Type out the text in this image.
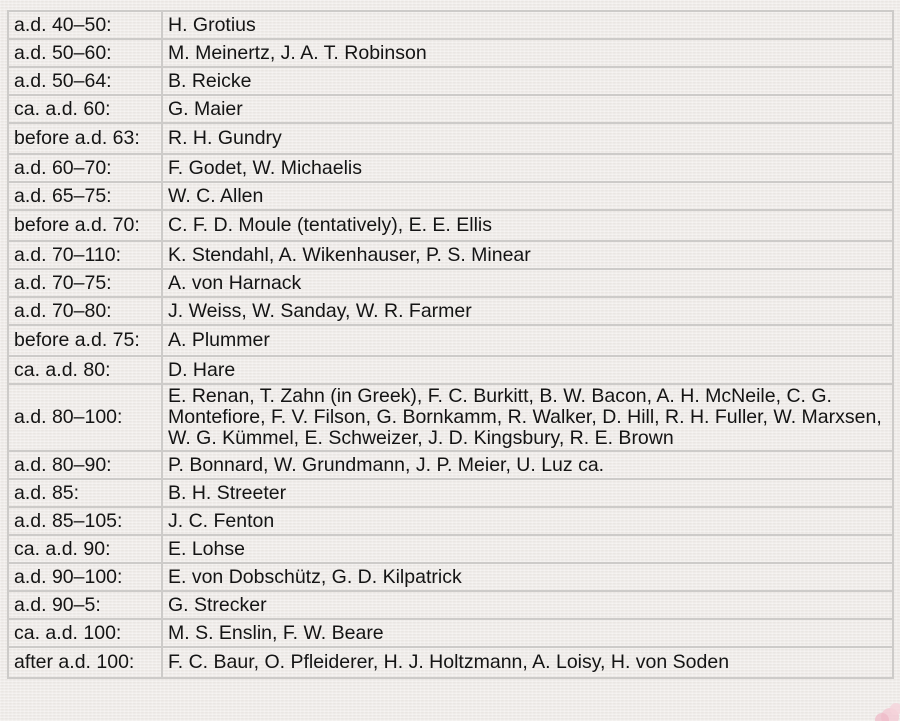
a.d. 40–50:	H. Grotius
a.d. 50–60:	M. Meinertz, J. A. T. Robinson
a.d. 50–64:	B. Reicke
ca. a.d. 60:	G. Maier
before a.d. 63:	R. H. Gundry
a.d. 60–70:	F. Godet, W. Michaelis
a.d. 65–75:	W. C. Allen
before a.d. 70:	C. F. D. Moule (tentatively), E. E. Ellis
a.d. 70–110:	K. Stendahl, A. Wikenhauser, P. S. Minear
a.d. 70–75:	A. von Harnack
a.d. 70–80:	J. Weiss, W. Sanday, W. R. Farmer
before a.d. 75:	A. Plummer
ca. a.d. 80:	D. Hare
a.d. 80–100:	E. Renan, T. Zahn (in Greek), F. C. Burkitt, B. W. Bacon, A. H. McNeile, C. G. Montefiore, F. V. Filson, G. Bornkamm, R. Walker, D. Hill, R. H. Fuller, W. Marxsen, W. G. Kümmel, E. Schweizer, J. D. Kingsbury, R. E. Brown
a.d. 80–90:	P. Bonnard, W. Grundmann, J. P. Meier, U. Luz ca.
a.d. 85:	B. H. Streeter
a.d. 85–105:	J. C. Fenton
ca. a.d. 90:	E. Lohse
a.d. 90–100:	E. von Dobschütz, G. D. Kilpatrick
a.d. 90–5:	G. Strecker
ca. a.d. 100:	M. S. Enslin, F. W. Beare
after a.d. 100:	F. C. Baur, O. Pfleiderer, H. J. Holtzmann, A. Loisy, H. von Soden
